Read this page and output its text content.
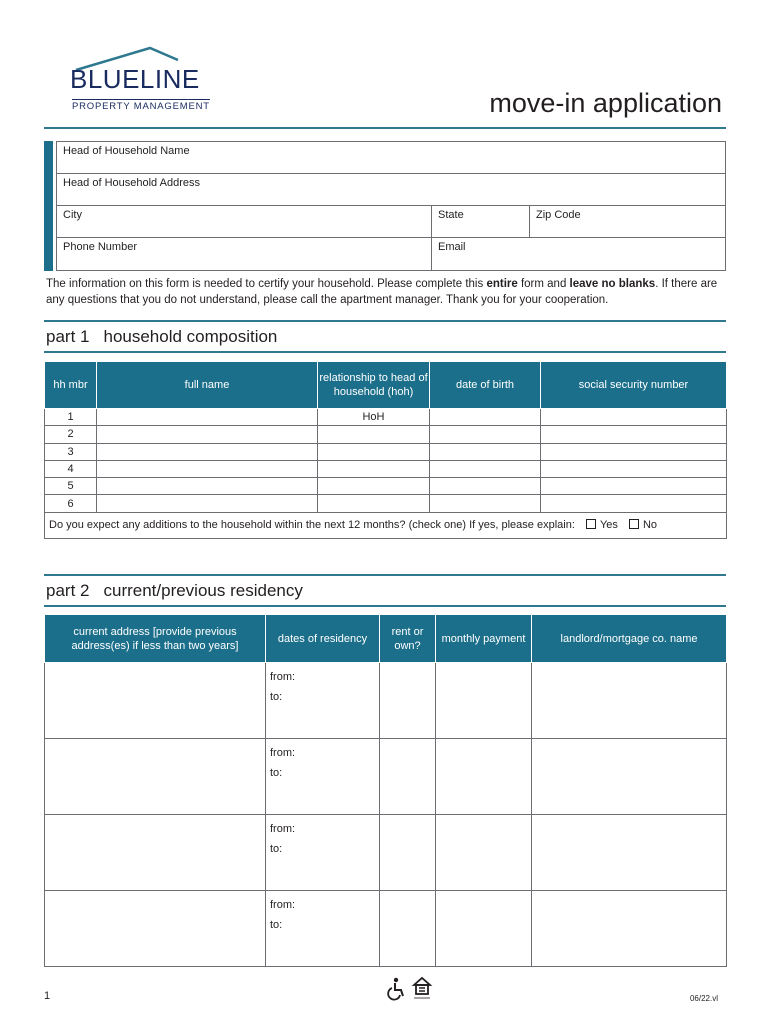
BLUELINE
PROPERTY MANAGEMENT	move-in application
Head of Household Name
Head of Household Address
City	State	Zip Code
Phone Number	Email
The information on this form is needed to certify your household. Please complete this entire form and leave no blanks. If there are any questions that you do not understand, please call the apartment manager. Thank you for your cooperation.
part 1 household composition
hh mbr	full name	relationship to head of household (hoh)	date of birth	social security number
1		HoH		
2				
3				
4				
5				
6				
Do you expect any additions to the household within the next 12 months? (check one) If yes, please explain: Yes No				
part 2 current/previous residency
current address [provide previous address(es) if less than two years]	dates of residency	rent or own?	monthly payment	landlord/mortgage co. name

	from:
to:			

	from:
to:			

	from:
to:			

	from:
to:			

1	06/22.vl
